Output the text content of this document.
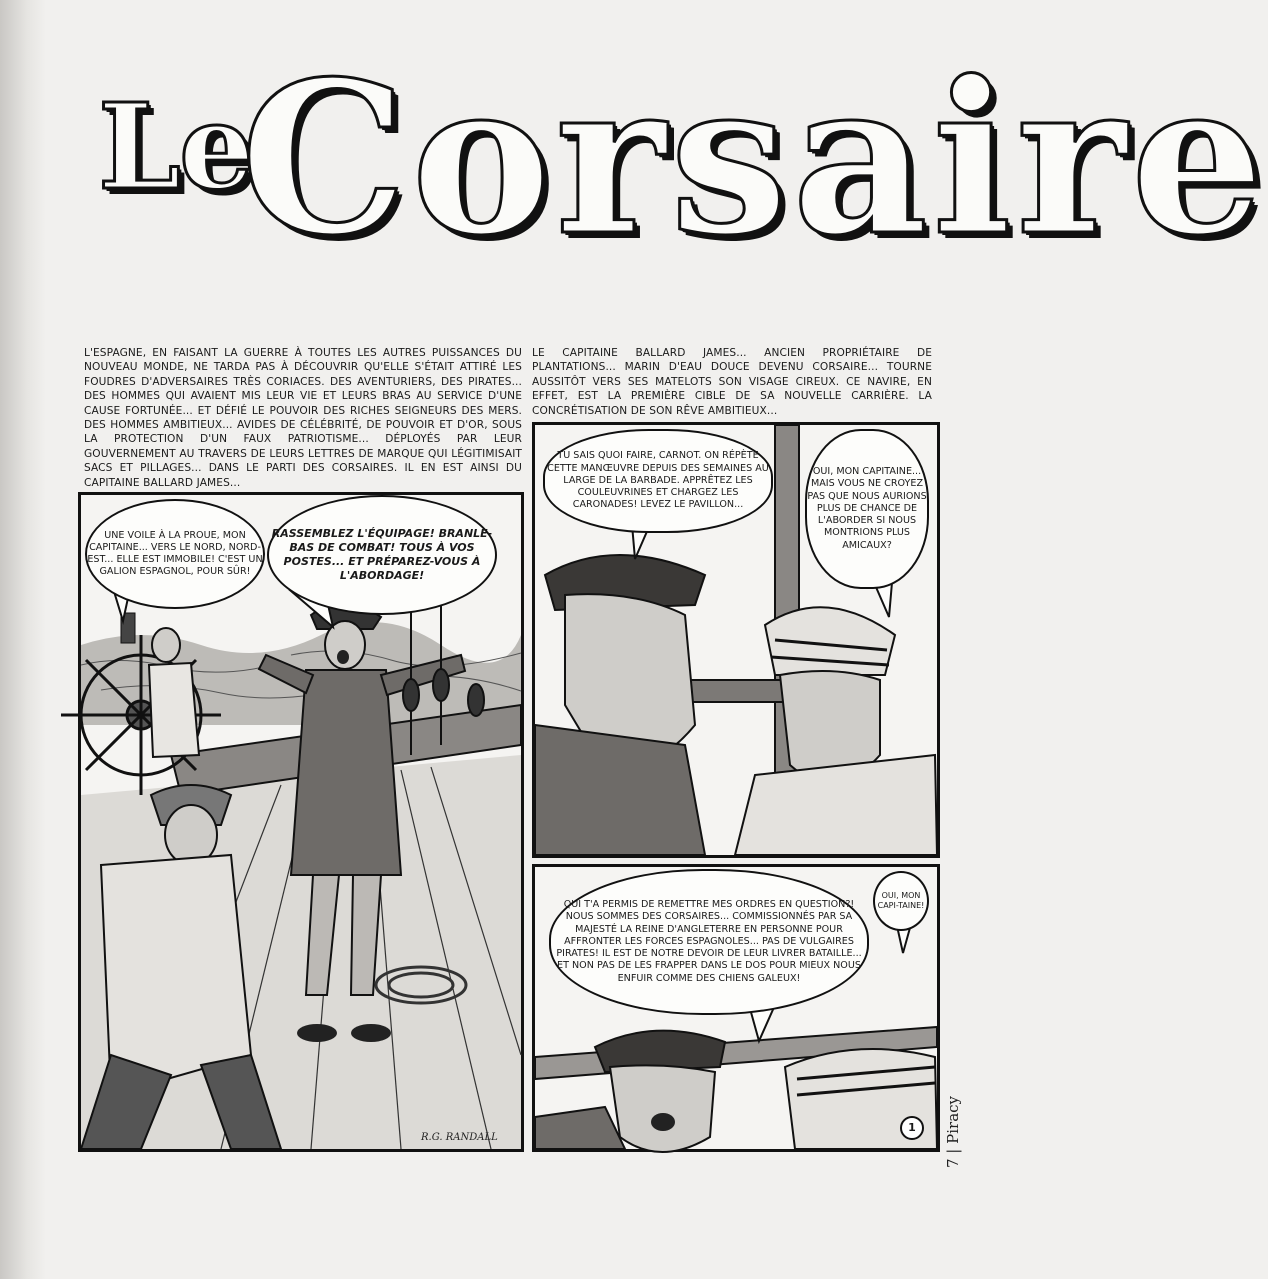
Le
Corsaire

L'ESPAGNE, EN FAISANT LA GUERRE À TOUTES LES AUTRES PUISSANCES DU NOUVEAU MONDE, NE TARDA PAS À DÉCOUVRIR QU'ELLE S'ÉTAIT ATTIRÉ LES FOUDRES D'ADVERSAIRES TRÈS CORIACES. DES AVENTURIERS, DES PIRATES... DES HOMMES QUI AVAIENT MIS LEUR VIE ET LEURS BRAS AU SERVICE D'UNE CAUSE FORTUNÉE... ET DÉFIÉ LE POUVOIR DES RICHES SEIGNEURS DES MERS. DES HOMMES AMBITIEUX... AVIDES DE CÉLÉBRITÉ, DE POUVOIR ET D'OR, SOUS LA PROTECTION D'UN FAUX PATRIOTISME... DÉPLOYÉS PAR LEUR GOUVERNEMENT AU TRAVERS DE LEURS LETTRES DE MARQUE QUI LÉGITIMISAIT SACS ET PILLAGES... DANS LE PARTI DES CORSAIRES. IL EN EST AINSI DU CAPITAINE BALLARD JAMES...

LE CAPITAINE BALLARD JAMES... ANCIEN PROPRIÉTAIRE DE PLANTATIONS... MARIN D'EAU DOUCE DEVENU CORSAIRE... TOURNE AUSSITÔT VERS SES MATELOTS SON VISAGE CIREUX. CE NAVIRE, EN EFFET, EST LA PREMIÈRE CIBLE DE SA NOUVELLE CARRIÈRE. LA CONCRÉTISATION DE SON RÊVE AMBITIEUX...

UNE VOILE À LA PROUE, MON CAPITAINE... VERS LE NORD, NORD-EST... ELLE EST IMMOBILE! C'EST UN GALION ESPAGNOL, POUR SÛR!
RASSEMBLEZ L'ÉQUIPAGE! BRANLE-BAS DE COMBAT! TOUS À VOS POSTES... ET PRÉPAREZ-VOUS À L'ABORDAGE!
R.G. RANDALL
TU SAIS QUOI FAIRE, CARNOT. ON RÉPÈTE CETTE MANŒUVRE DEPUIS DES SEMAINES AU LARGE DE LA BARBADE. APPRÊTEZ LES COULEUVRINES ET CHARGEZ LES CARONADES! LEVEZ LE PAVILLON...
OUI, MON CAPITAINE... MAIS VOUS NE CROYEZ PAS QUE NOUS AURIONS PLUS DE CHANCE DE L'ABORDER SI NOUS MONTRIONS PLUS AMICAUX?
QUI T'A PERMIS DE REMETTRE MES ORDRES EN QUESTION?! NOUS SOMMES DES CORSAIRES... COMMISSIONNÉS PAR SA MAJESTÉ LA REINE D'ANGLETERRE EN PERSONNE POUR AFFRONTER LES FORCES ESPAGNOLES... PAS DE VULGAIRES PIRATES! IL EST DE NOTRE DEVOIR DE LEUR LIVRER BATAILLE... ET NON PAS DE LES FRAPPER DANS LE DOS POUR MIEUX NOUS ENFUIR COMME DES CHIENS GALEUX!
OUI, MON CAPI-TAINE!
1	7 | Piracy
